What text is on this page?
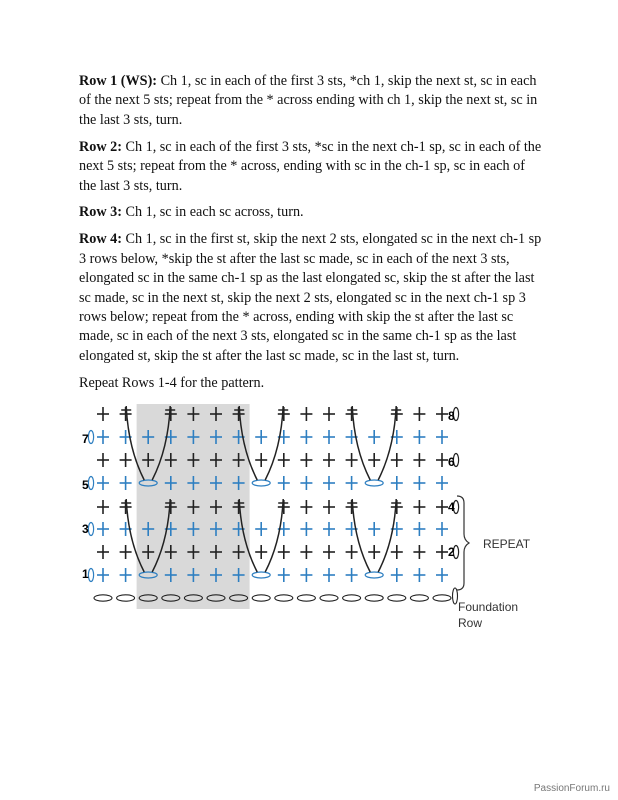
Row 1 (WS): Ch 1, sc in each of the first 3 sts, *ch 1, skip the next st, sc in each of the next 5 sts; repeat from the * across ending with ch 1, skip the next st, sc in the last 3 sts, turn.

Row 2: Ch 1, sc in each of the first 3 sts, *sc in the next ch-1 sp, sc in each of the next 5 sts; repeat from the * across, ending with sc in the ch-1 sp, sc in each of the last 3 sts, turn.

Row 3: Ch 1, sc in each sc across, turn.

Row 4: Ch 1, sc in the first st, skip the next 2 sts, elongated sc in the next ch-1 sp 3 rows below, *skip the st after the last sc made, sc in each of the next 3 sts, elongated sc in the same ch-1 sp as the last elongated sc, skip the st after the last sc made, sc in the next st, skip the next 2 sts, elongated sc in the next ch-1 sp 3 rows below; repeat from the * across, ending with skip the st after the last sc made, sc in each of the next 3 sts, elongated sc in the same ch-1 sp as the last elongated st, skip the st after the last sc made, sc in the last st, turn.

Repeat Rows 1-4 for the pattern.

7
5
3
1
8
6
4
2
REPEAT
Foundation
Row
PassionForum.ru
